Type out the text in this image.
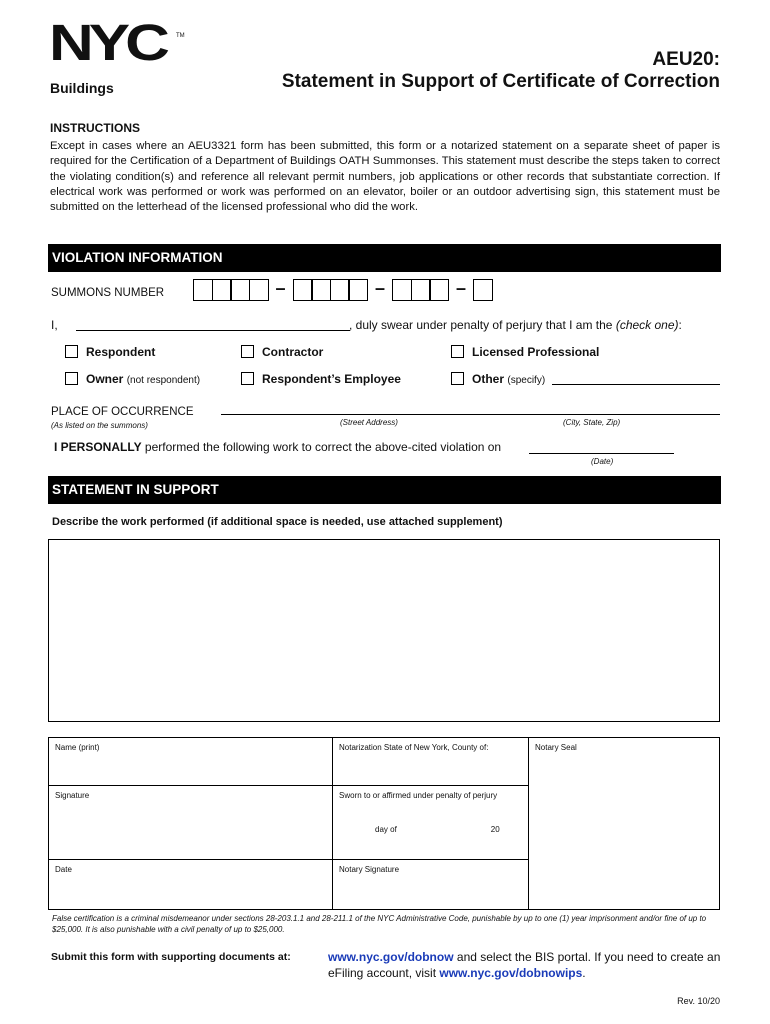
NYC TM
Buildings
AEU20:
Statement in Support of Certificate of Correction
INSTRUCTIONS
Except in cases where an AEU3321 form has been submitted, this form or a notarized statement on a separate sheet of paper is required for the Certification of a Department of Buildings OATH Summonses. This statement must describe the steps taken to correct the violating condition(s) and reference all relevant permit numbers, job applications or other records that substantiate correction. If electrical work was performed or work was performed on an elevator, boiler or an outdoor advertising sign, this statement must be submitted on the letterhead of the licensed professional who did the work.
VIOLATION INFORMATION
SUMMONS NUMBER	–	–	–
I,	, duly swear under penalty of perjury that I am the (check one):
Respondent	Contractor	Licensed Professional
Owner (not respondent)	Respondent’s Employee	Other (specify)
PLACE OF OCCURRENCE
(As listed on the summons)	(Street Address)	(City, State, Zip)
I PERSONALLY performed the following work to correct the above-cited violation on
(Date)
STATEMENT IN SUPPORT
Describe the work performed (if additional space is needed, use attached supplement)
Name (print)	Notarization State of New York, County of:	Notary Seal
Signature	Sworn to or affirmed under penalty of perjury
day of 20	

Date	Notary Signature	
False certification is a criminal misdemeanor under sections 28-203.1.1 and 28-211.1 of the NYC Administrative Code, punishable by up to one (1) year imprisonment and/or fine of up to $25,000. It is also punishable with a civil penalty of up to $25,000.
Submit this form with supporting documents at:	www.nyc.gov/dobnow and select the BIS portal. If you need to create an eFiling account, visit www.nyc.gov/dobnowips.
Rev. 10/20
